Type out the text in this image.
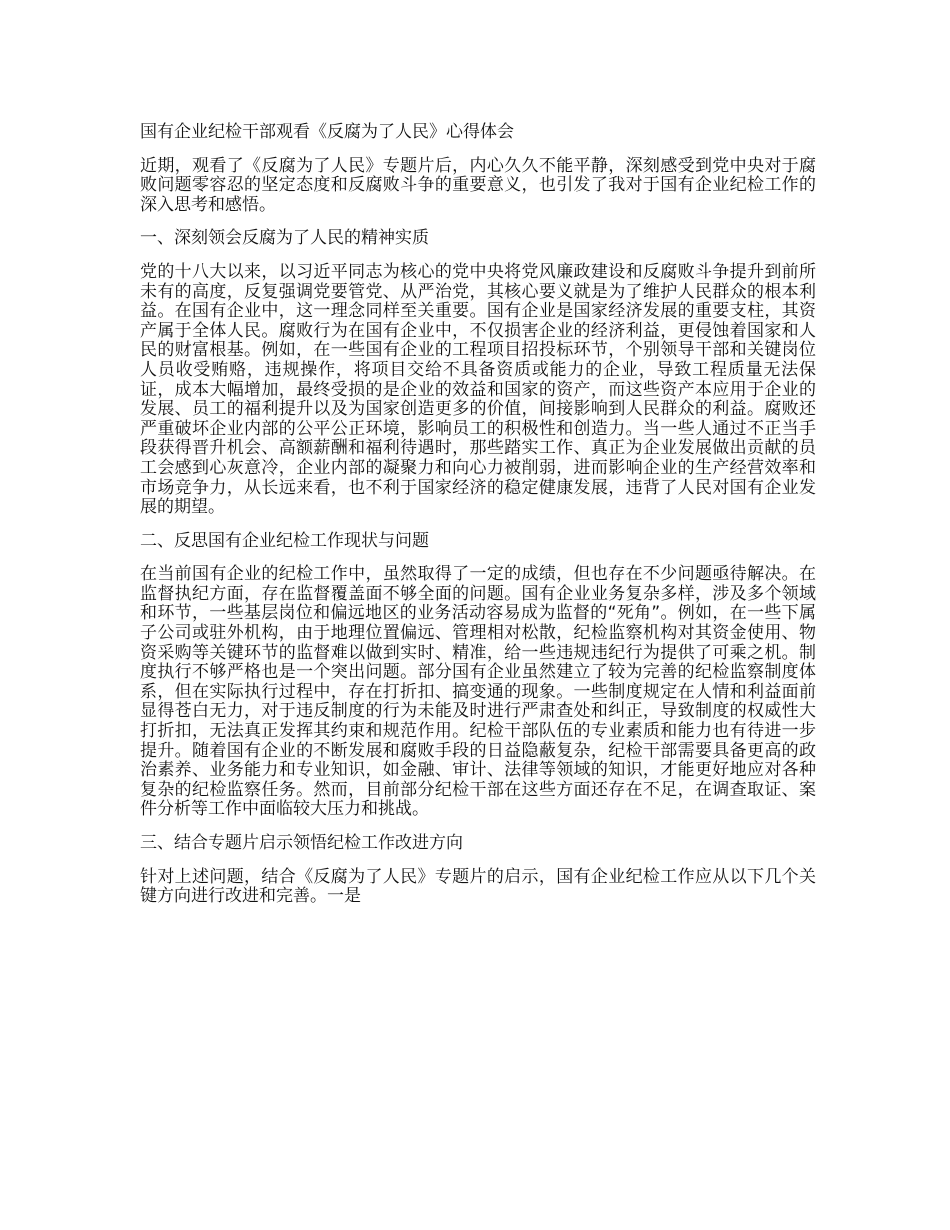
国有企业纪检干部观看《反腐为了人民》心得体会

近期，观看了《反腐为了人民》专题片后，内心久久不能平静，深刻感受到党中央对于腐败问题零容忍的坚定态度和反腐败斗争的重要意义，也引发了我对于国有企业纪检工作的深入思考和感悟。

一、深刻领会反腐为了人民的精神实质

党的十八大以来，以习近平同志为核心的党中央将党风廉政建设和反腐败斗争提升到前所未有的高度，反复强调党要管党、从严治党，其核心要义就是为了维护人民群众的根本利益。在国有企业中，这一理念同样至关重要。国有企业是国家经济发展的重要支柱，其资产属于全体人民。腐败行为在国有企业中，不仅损害企业的经济利益，更侵蚀着国家和人民的财富根基。例如，在一些国有企业的工程项目招投标环节，个别领导干部和关键岗位人员收受贿赂，违规操作，将项目交给不具备资质或能力的企业，导致工程质量无法保证，成本大幅增加，最终受损的是企业的效益和国家的资产，而这些资产本应用于企业的发展、员工的福利提升以及为国家创造更多的价值，间接影响到人民群众的利益。腐败还严重破坏企业内部的公平公正环境，影响员工的积极性和创造力。当一些人通过不正当手段获得晋升机会、高额薪酬和福利待遇时，那些踏实工作、真正为企业发展做出贡献的员工会感到心灰意冷，企业内部的凝聚力和向心力被削弱，进而影响企业的生产经营效率和市场竞争力，从长远来看，也不利于国家经济的稳定健康发展，违背了人民对国有企业发展的期望。

二、反思国有企业纪检工作现状与问题

在当前国有企业的纪检工作中，虽然取得了一定的成绩，但也存在不少问题亟待解决。在监督执纪方面，存在监督覆盖面不够全面的问题。国有企业业务复杂多样，涉及多个领域和环节，一些基层岗位和偏远地区的业务活动容易成为监督的“死角”。例如，在一些下属子公司或驻外机构，由于地理位置偏远、管理相对松散，纪检监察机构对其资金使用、物资采购等关键环节的监督难以做到实时、精准，给一些违规违纪行为提供了可乘之机。制度执行不够严格也是一个突出问题。部分国有企业虽然建立了较为完善的纪检监察制度体系，但在实际执行过程中，存在打折扣、搞变通的现象。一些制度规定在人情和利益面前显得苍白无力，对于违反制度的行为未能及时进行严肃查处和纠正，导致制度的权威性大打折扣，无法真正发挥其约束和规范作用。纪检干部队伍的专业素质和能力也有待进一步提升。随着国有企业的不断发展和腐败手段的日益隐蔽复杂，纪检干部需要具备更高的政治素养、业务能力和专业知识，如金融、审计、法律等领域的知识，才能更好地应对各种复杂的纪检监察任务。然而，目前部分纪检干部在这些方面还存在不足，在调查取证、案件分析等工作中面临较大压力和挑战。

三、结合专题片启示领悟纪检工作改进方向

针对上述问题，结合《反腐为了人民》专题片的启示，国有企业纪检工作应从以下几个关键方向进行改进和完善。一是
